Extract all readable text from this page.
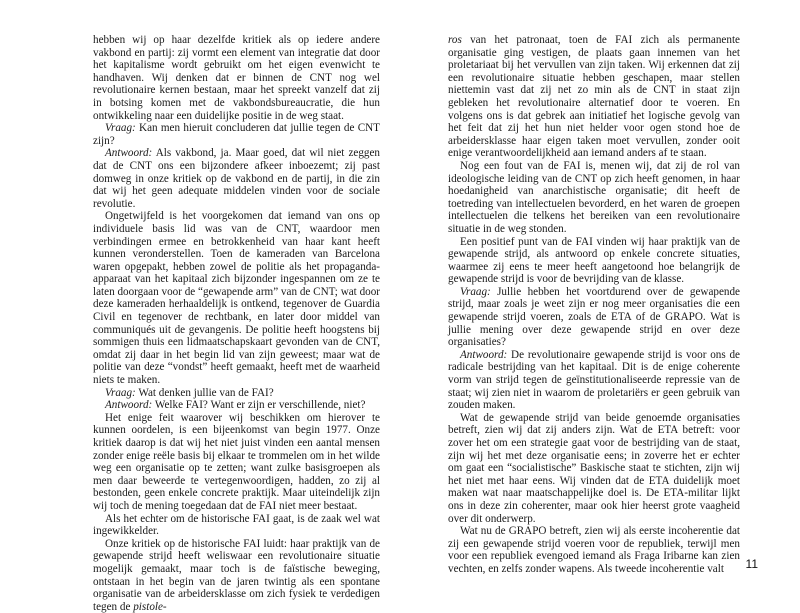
hebben wij op haar dezelfde kritiek als op iedere andere vakbond en partij: zij vormt een element van integratie dat door het kapitalisme wordt gebruikt om het eigen evenwicht te handhaven. Wij denken dat er binnen de CNT nog wel revolutionaire kernen bestaan, maar het spreekt vanzelf dat zij in botsing komen met de vakbondsbureaucratie, die hun ontwikkeling naar een duidelijke positie in de weg staat.

Vraag: Kan men hieruit concluderen dat jullie tegen de CNT zijn?

Antwoord: Als vakbond, ja. Maar goed, dat wil niet zeggen dat de CNT ons een bijzondere afkeer inboezemt; zij past domweg in onze kritiek op de vakbond en de partij, in die zin dat wij het geen adequate middelen vinden voor de sociale revolutie.

Ongetwijfeld is het voorgekomen dat iemand van ons op individuele basis lid was van de CNT, waardoor men verbindingen ermee en betrokkenheid van haar kant heeft kunnen veronderstellen. Toen de kameraden van Barcelona waren opgepakt, hebben zowel de politie als het propaganda-apparaat van het kapitaal zich bijzonder ingespannen om ze te laten doorgaan voor de “gewapende arm” van de CNT; wat door deze kameraden herhaaldelijk is ontkend, tegenover de Guardia Civil en tegenover de rechtbank, en later door middel van communiqués uit de gevangenis. De politie heeft hoogstens bij sommigen thuis een lidmaatschapskaart gevonden van de CNT, omdat zij daar in het begin lid van zijn geweest; maar wat de politie van deze “vondst” heeft gemaakt, heeft met de waarheid niets te maken.

Vraag: Wat denken jullie van de FAI?

Antwoord: Welke FAI? Want er zijn er verschillende, niet?

Het enige feit waarover wij beschikken om hierover te kunnen oordelen, is een bijeenkomst van begin 1977. Onze kritiek daarop is dat wij het niet juist vinden een aantal mensen zonder enige reële basis bij elkaar te trommelen om in het wilde weg een organisatie op te zetten; want zulke basisgroepen als men daar beweerde te vertegenwoordigen, hadden, zo zij al bestonden, geen enkele concrete praktijk. Maar uiteindelijk zijn wij toch de mening toegedaan dat de FAI niet meer bestaat.

Als het echter om de historische FAI gaat, is de zaak wel wat ingewikkelder.

Onze kritiek op de historische FAI luidt: haar praktijk van de gewapende strijd heeft weliswaar een revolutionaire situatie mogelijk gemaakt, maar toch is de faïstische beweging, ontstaan in het begin van de jaren twintig als een spontane organisatie van de arbeidersklasse om zich fysiek te verdedigen tegen de pistole-

ros van het patronaat, toen de FAI zich als permanente organisatie ging vestigen, de plaats gaan innemen van het proletariaat bij het vervullen van zijn taken. Wij erkennen dat zij een revolutionaire situatie hebben geschapen, maar stellen niettemin vast dat zij net zo min als de CNT in staat zijn gebleken het revolutionaire alternatief door te voeren. En volgens ons is dat gebrek aan initiatief het logische gevolg van het feit dat zij het hun niet helder voor ogen stond hoe de arbeidersklasse haar eigen taken moet vervullen, zonder ooit enige verantwoordelijkheid aan iemand anders af te staan.

Nog een fout van de FAI is, menen wij, dat zij de rol van ideologische leiding van de CNT op zich heeft genomen, in haar hoedanigheid van anarchistische organisatie; dit heeft de toetreding van intellectuelen bevorderd, en het waren de groepen intellectuelen die telkens het bereiken van een revolutionaire situatie in de weg stonden.

Een positief punt van de FAI vinden wij haar praktijk van de gewapende strijd, als antwoord op enkele concrete situaties, waarmee zij eens te meer heeft aangetoond hoe belangrijk de gewapende strijd is voor de bevrijding van de klasse.

Vraag: Jullie hebben het voortdurend over de gewapende strijd, maar zoals je weet zijn er nog meer organisaties die een gewapende strijd voeren, zoals de ETA of de GRAPO. Wat is jullie mening over deze gewapende strijd en over deze organisaties?

Antwoord: De revolutionaire gewapende strijd is voor ons de radicale bestrijding van het kapitaal. Dit is de enige coherente vorm van strijd tegen de geïnstitutionaliseerde repressie van de staat; wij zien niet in waarom de proletariërs er geen gebruik van zouden maken.

Wat de gewapende strijd van beide genoemde organisaties betreft, zien wij dat zij anders zijn. Wat de ETA betreft: voor zover het om een strategie gaat voor de bestrijding van de staat, zijn wij het met deze organisatie eens; in zoverre het er echter om gaat een “socialistische” Baskische staat te stichten, zijn wij het niet met haar eens. Wij vinden dat de ETA duidelijk moet maken wat naar maatschappelijke doel is. De ETA-militar lijkt ons in deze zin coherenter, maar ook hier heerst grote vaagheid over dit onderwerp.

Wat nu de GRAPO betreft, zien wij als eerste incoherentie dat zij een gewapende strijd voeren voor de republiek, terwijl men voor een republiek evengoed iemand als Fraga Iribarne kan zien vechten, en zelfs zonder wapens. Als tweede incoherentie valt	11
